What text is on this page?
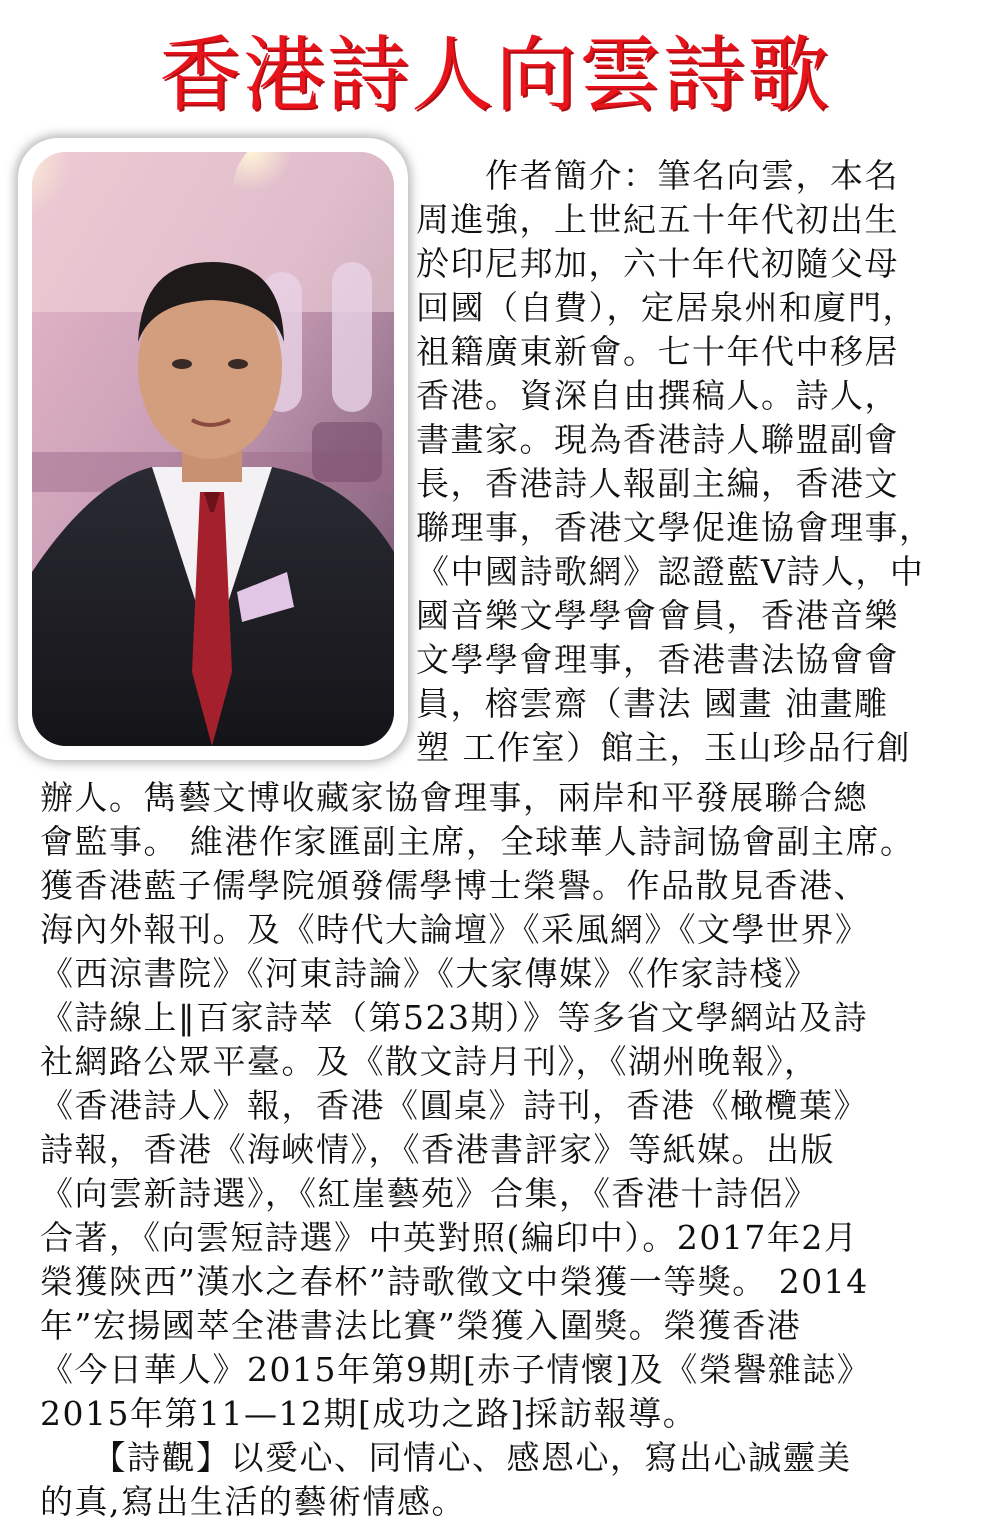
香港詩人向雲詩歌
　　作者簡介：筆名向雲，本名
周進強，上世紀五十年代初出生
於印尼邦加，六十年代初隨父母
回國（自費），定居泉州和廈門，
祖籍廣東新會。七十年代中移居
香港。資深自由撰稿人。詩人，
書畫家。現為香港詩人聯盟副會
長，香港詩人報副主編，香港文
聯理事，香港文學促進協會理事，
《中國詩歌網》認證藍V詩人，中
國音樂文學學會會員，香港音樂
文學學會理事，香港書法協會會
員，榕雲齋（書法 國畫 油畫雕
塑 工作室）館主，玉山珍品行創
辦人。雋藝文博收藏家協會理事，兩岸和平發展聯合總
會監事。 維港作家匯副主席，全球華人詩詞協會副主席。
獲香港藍子儒學院頒發儒學博士榮譽。作品散見香港、
海內外報刊。及《時代大論壇》《采風網》《文學世界》
《西涼書院》《河東詩論》《大家傳媒》《作家詩棧》
《詩線上‖百家詩萃（第523期）》等多省文學網站及詩
社網路公眾平臺。及《散文詩月刊》，《湖州晚報》，
《香港詩人》報，香港《圓桌》詩刊，香港《橄欖葉》
詩報，香港《海峽情》，《香港書評家》等紙媒。出版
《向雲新詩選》，《紅崖藝苑》合集，《香港十詩侶》
合著，《向雲短詩選》中英對照(編印中）。2017年2月
榮獲陝西”漢水之春杯”詩歌徵文中榮獲一等獎。 2014
年”宏揚國萃全港書法比賽”榮獲入圍獎。榮獲香港
《今日華人》2015年第9期[赤子情懷]及《榮譽雜誌》
2015年第11—12期[成功之路]採訪報導。
　　【詩觀】以愛心、同情心、感恩心，寫出心誠靈美
的真,寫出生活的藝術情感。
